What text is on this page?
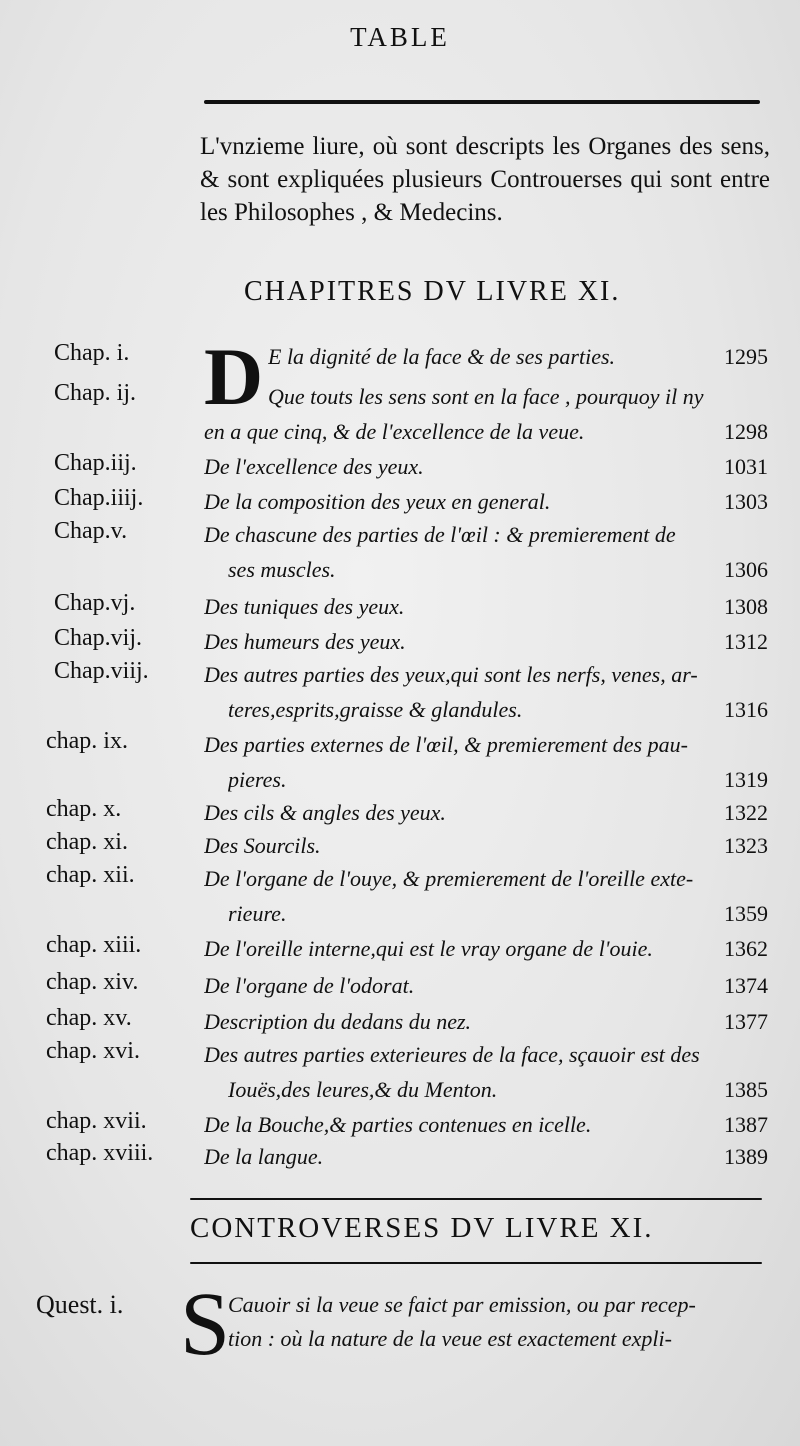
TABLE
L'vnzieme liure, où sont descripts les Organes des sens, & sont expliquées plusieurs Controuerses qui sont entre les Philosophes , & Medecins.
CHAPITRES DV LIVRE XI.
D
Chap. i.	E la dignité de la face & de ses parties.	1295
Chap. ij.	Que touts les sens sont en la face , pourquoy il ny
en a que cinq, & de l'excellence de la veue.	1298
Chap.iij.	De l'excellence des yeux.	1031
Chap.iiij.	De la composition des yeux en general.	1303
Chap.v.	De chascune des parties de l'œil : & premierement de
ses muscles.	1306
Chap.vj.	Des tuniques des yeux.	1308
Chap.vij.	Des humeurs des yeux.	1312
Chap.viij.	Des autres parties des yeux,qui sont les nerfs, venes, ar-
teres,esprits,graisse & glandules.	1316
chap. ix.	Des parties externes de l'œil, & premierement des pau-
pieres.	1319
chap. x.	Des cils & angles des yeux.	1322
chap. xi.	Des Sourcils.	1323
chap. xii.	De l'organe de l'ouye, & premierement de l'oreille exte-
rieure.	1359
chap. xiii.	De l'oreille interne,qui est le vray organe de l'ouie.	1362
chap. xiv.	De l'organe de l'odorat.	1374
chap. xv.	Description du dedans du nez.	1377
chap. xvi.	Des autres parties exterieures de la face, sçauoir est des
Iouës,des leures,& du Menton.	1385
chap. xvii.	De la Bouche,& parties contenues en icelle.	1387
chap. xviii. De la langue.	1389
CONTROVERSES DV LIVRE XI.
Quest. i. S
Cauoir si la veue se faict par emission, ou par recep-
tion : où la nature de la veue est exactement expli-
